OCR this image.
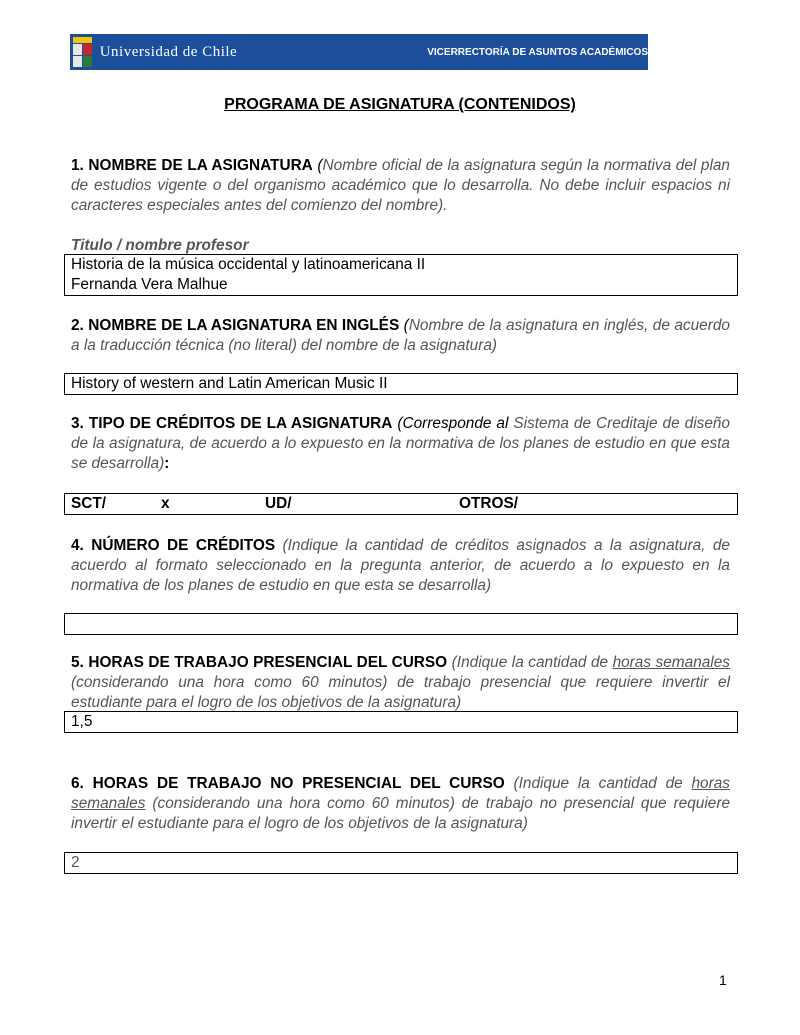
Universidad de Chile	VICERRECTORÍA DE ASUNTOS ACADÉMICOS
PROGRAMA DE ASIGNATURA (CONTENIDOS)
1. NOMBRE DE LA ASIGNATURA (Nombre oficial de la asignatura según la normativa del plan de estudios vigente o del organismo académico que lo desarrolla. No debe incluir espacios ni caracteres especiales antes del comienzo del nombre).
Titulo / nombre profesor
Historia de la música occidental y latinoamericana II
Fernanda Vera Malhue
2. NOMBRE DE LA ASIGNATURA EN INGLÉS (Nombre de la asignatura en inglés, de acuerdo a la traducción técnica (no literal) del nombre de la asignatura)
History of western and Latin American Music II
3. TIPO DE CRÉDITOS DE LA ASIGNATURA (Corresponde al Sistema de Creditaje de diseño de la asignatura, de acuerdo a lo expuesto en la normativa de los planes de estudio en que esta se desarrolla):
SCT/	x	UD/	OTROS/
4. NÚMERO DE CRÉDITOS (Indique la cantidad de créditos asignados a la asignatura, de acuerdo al formato seleccionado en la pregunta anterior, de acuerdo a lo expuesto en la normativa de los planes de estudio en que esta se desarrolla)
5. HORAS DE TRABAJO PRESENCIAL DEL CURSO (Indique la cantidad de horas semanales (considerando una hora como 60 minutos) de trabajo presencial que requiere invertir el estudiante para el logro de los objetivos de la asignatura)
1,5
6. HORAS DE TRABAJO NO PRESENCIAL DEL CURSO (Indique la cantidad de horas semanales (considerando una hora como 60 minutos) de trabajo no presencial que requiere invertir el estudiante para el logro de los objetivos de la asignatura)
2
1
